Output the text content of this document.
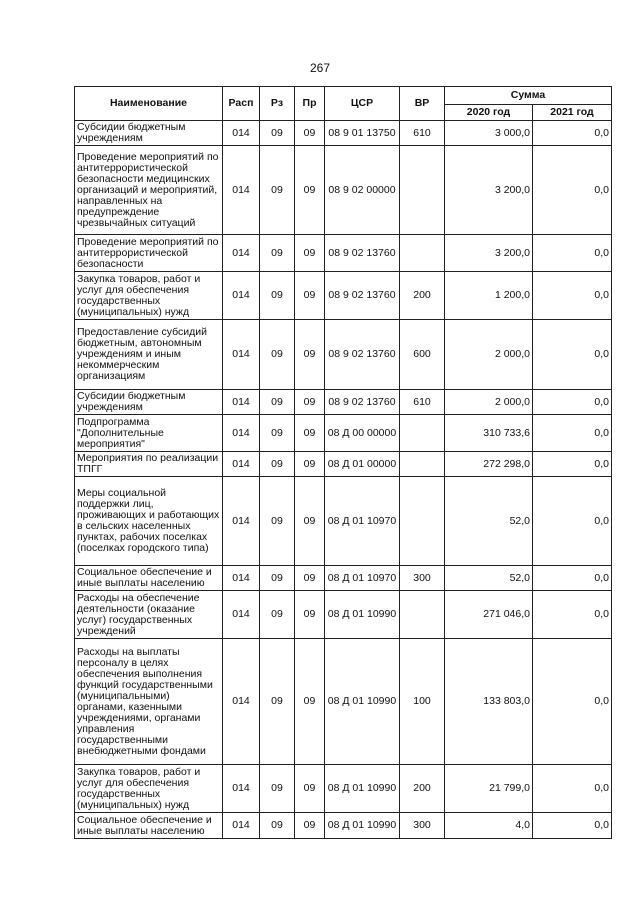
267
Наименование	Расп	Рз	Пр	ЦСР	ВР	Сумма	
						2020 год	2021 год
Субсидии бюджетным учреждениям	014	09	09	08 9 01 13750	610	3 000,0	0,0
Проведение мероприятий по антитеррористической безопасности медицинских организаций и мероприятий, направленных на предупреждение чрезвычайных ситуаций	014	09	09	08 9 02 00000		3 200,0	0,0
Проведение мероприятий по антитеррористической безопасности	014	09	09	08 9 02 13760		3 200,0	0,0
Закупка товаров, работ и услуг для обеспечения государственных (муниципальных) нужд	014	09	09	08 9 02 13760	200	1 200,0	0,0
Предоставление субсидий бюджетным, автономным учреждениям и иным некоммерческим организациям	014	09	09	08 9 02 13760	600	2 000,0	0,0
Субсидии бюджетным учреждениям	014	09	09	08 9 02 13760	610	2 000,0	0,0
Подпрограмма "Дополнительные мероприятия"	014	09	09	08 Д 00 00000		310 733,6	0,0
Мероприятия по реализации ТПГГ	014	09	09	08 Д 01 00000		272 298,0	0,0
Меры социальной поддержки лиц, проживающих и работающих в сельских населенных пунктах, рабочих поселках (поселках городского типа)	014	09	09	08 Д 01 10970		52,0	0,0
Социальное обеспечение и иные выплаты населению	014	09	09	08 Д 01 10970	300	52,0	0,0
Расходы на обеспечение деятельности (оказание услуг) государственных учреждений	014	09	09	08 Д 01 10990		271 046,0	0,0
Расходы на выплаты персоналу в целях обеспечения выполнения функций государственными (муниципальными) органами, казенными учреждениями, органами управления государственными внебюджетными фондами	014	09	09	08 Д 01 10990	100	133 803,0	0,0
Закупка товаров, работ и услуг для обеспечения государственных (муниципальных) нужд	014	09	09	08 Д 01 10990	200	21 799,0	0,0
Социальное обеспечение и иные выплаты населению	014	09	09	08 Д 01 10990	300	4,0	0,0
